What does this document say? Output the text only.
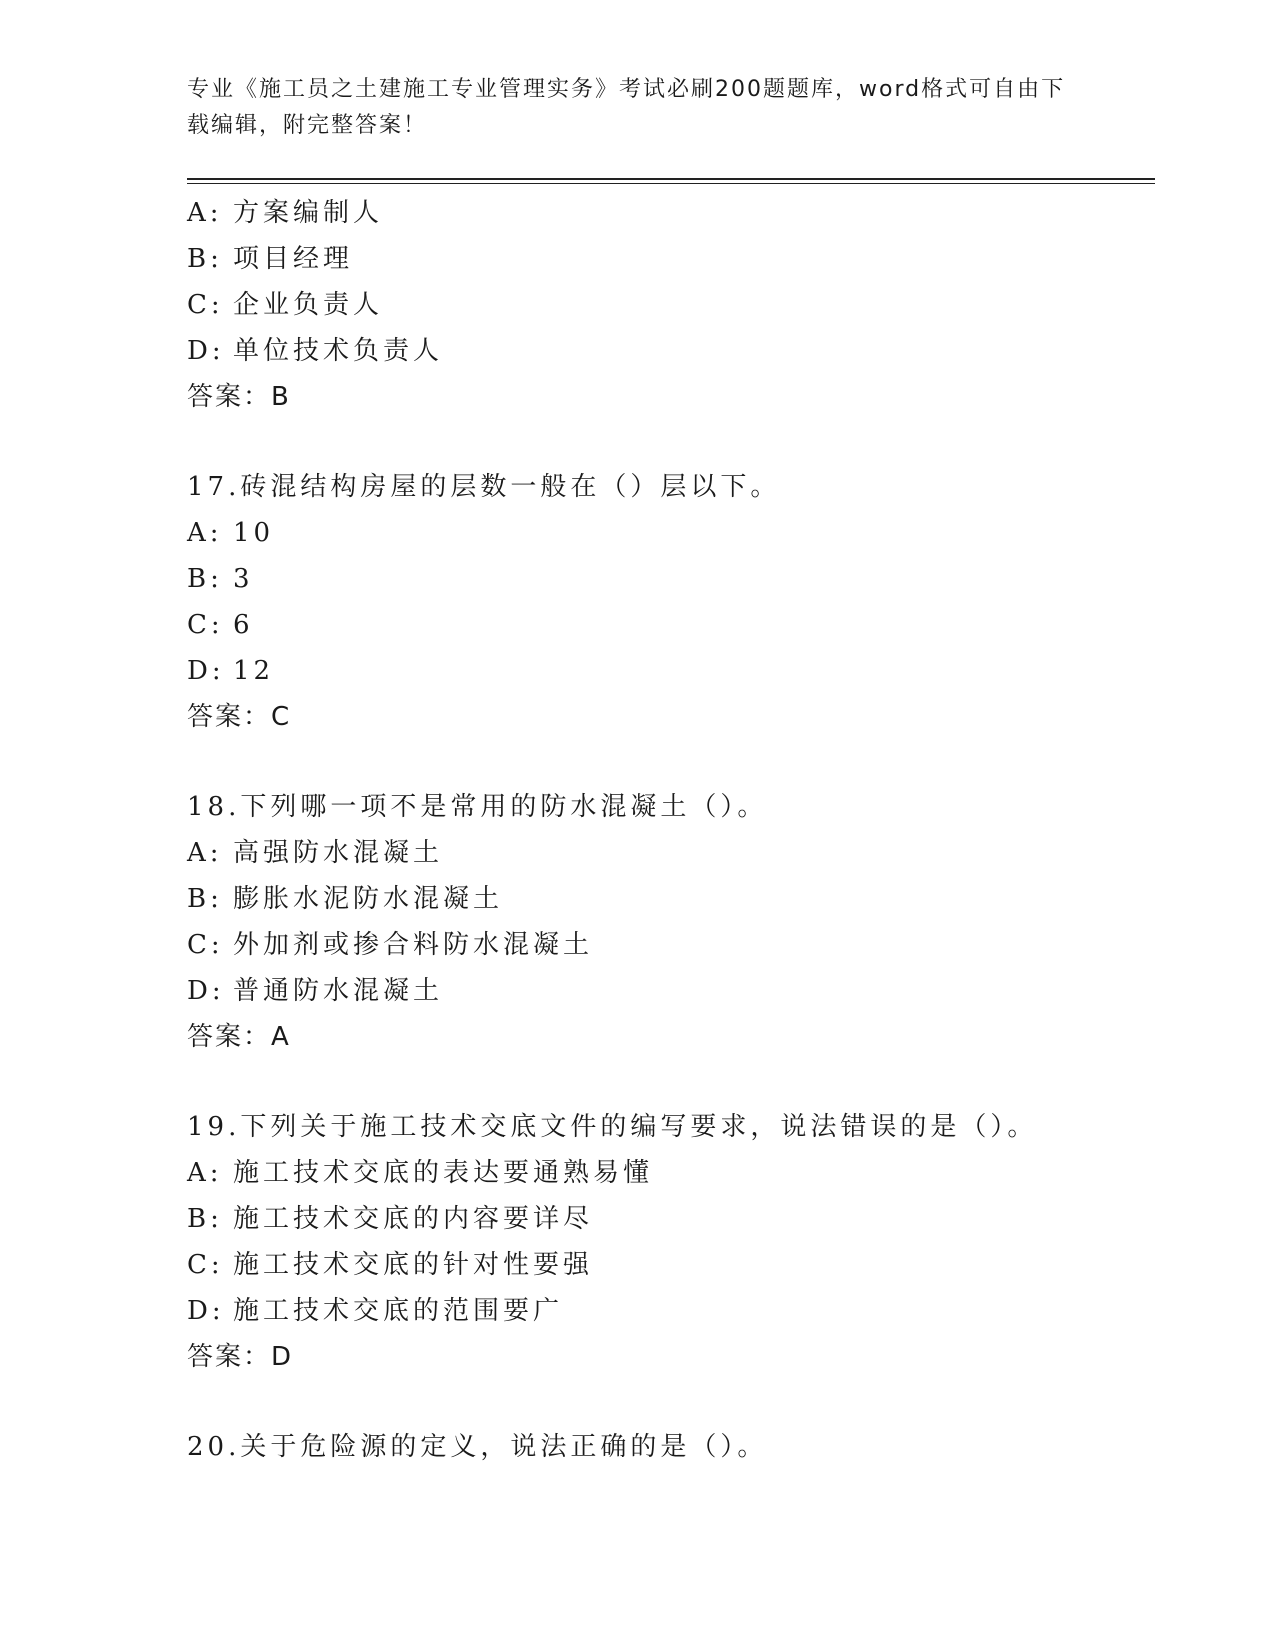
专业《施工员之土建施工专业管理实务》考试必刷200题题库，word格式可自由下载编辑，附完整答案！
A: 方案编制人
B: 项目经理
C: 企业负责人
D: 单位技术负责人
答案：B
17.砖混结构房屋的层数一般在（）层以下。
A: 10
B: 3
C: 6
D: 12
答案：C
18.下列哪一项不是常用的防水混凝土（）。
A: 高强防水混凝土
B: 膨胀水泥防水混凝土
C: 外加剂或掺合料防水混凝土
D: 普通防水混凝土
答案：A
19.下列关于施工技术交底文件的编写要求，说法错误的是（）。
A: 施工技术交底的表达要通熟易懂
B: 施工技术交底的内容要详尽
C: 施工技术交底的针对性要强
D: 施工技术交底的范围要广
答案：D
20.关于危险源的定义，说法正确的是（）。
